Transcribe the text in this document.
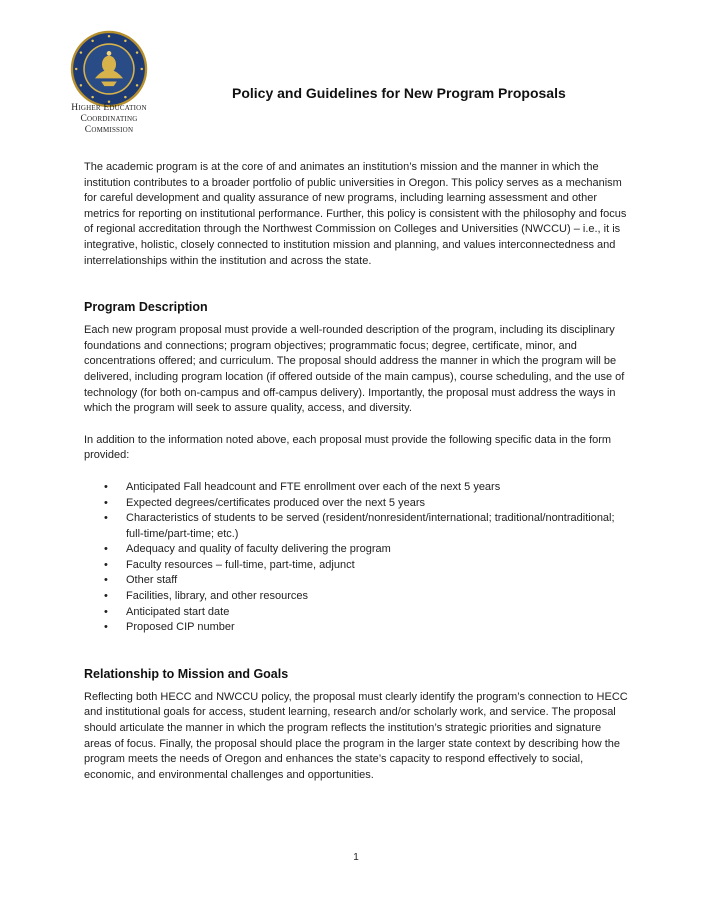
Higher Education
Coordinating
Commission
Policy and Guidelines for New Program Proposals

The academic program is at the core of and animates an institution’s mission and the manner in which the institution contributes to a broader portfolio of public universities in Oregon. This policy serves as a mechanism for careful development and quality assurance of new programs, including learning assessment and other metrics for reporting on institutional performance. Further, this policy is consistent with the philosophy and focus of regional accreditation through the Northwest Commission on Colleges and Universities (NWCCU) – i.e., it is integrative, holistic, closely connected to institution mission and planning, and values interconnectedness and interrelationships within the institution and across the state.

Program Description

Each new program proposal must provide a well-rounded description of the program, including its disciplinary foundations and connections; program objectives; programmatic focus; degree, certificate, minor, and concentrations offered; and curriculum. The proposal should address the manner in which the program will be delivered, including program location (if offered outside of the main campus), course scheduling, and the use of technology (for both on-campus and off-campus delivery). Importantly, the proposal must address the ways in which the program will seek to assure quality, access, and diversity.

In addition to the information noted above, each proposal must provide the following specific data in the form provided:

• Anticipated Fall headcount and FTE enrollment over each of the next 5 years
• Expected degrees/certificates produced over the next 5 years
• Characteristics of students to be served (resident/nonresident/international; traditional/nontraditional; full-time/part-time; etc.)
• Adequacy and quality of faculty delivering the program
• Faculty resources – full-time, part-time, adjunct
• Other staff
• Facilities, library, and other resources
• Anticipated start date
• Proposed CIP number
Relationship to Mission and Goals

Reflecting both HECC and NWCCU policy, the proposal must clearly identify the program’s connection to HECC and institutional goals for access, student learning, research and/or scholarly work, and service. The proposal should articulate the manner in which the program reflects the institution’s strategic priorities and signature areas of focus. Finally, the proposal should place the program in the larger state context by describing how the program meets the needs of Oregon and enhances the state’s capacity to respond effectively to social, economic, and environmental challenges and opportunities.

1
